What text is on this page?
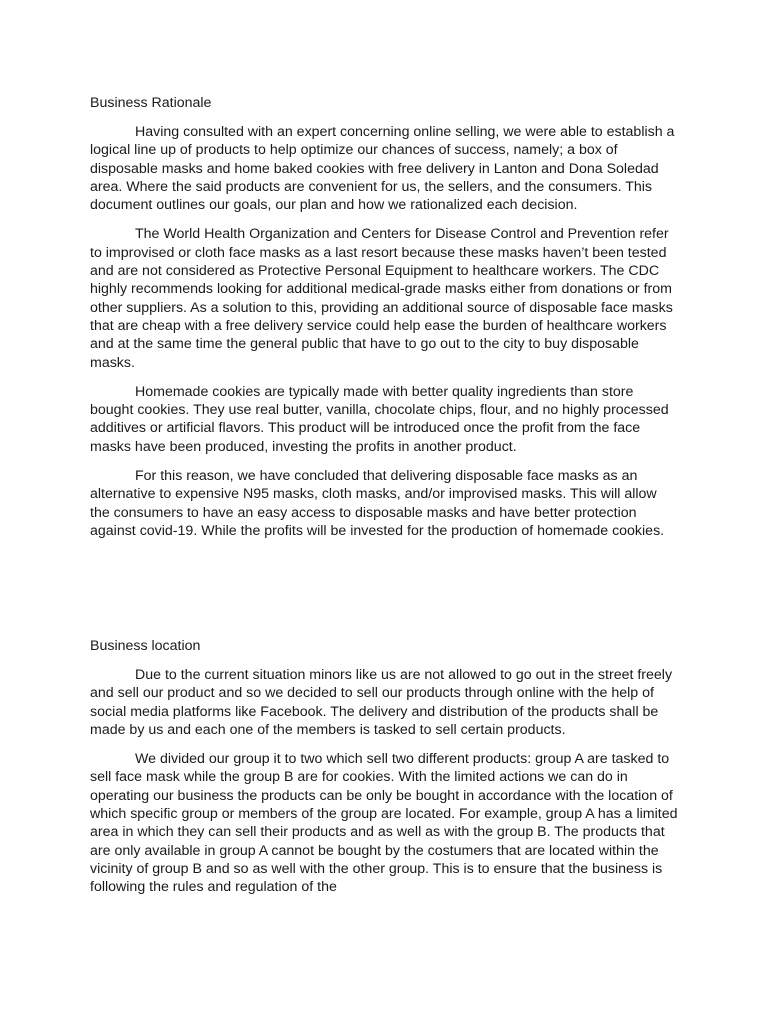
Business Rationale

Having consulted with an expert concerning online selling, we were able to establish a logical line up of products to help optimize our chances of success, namely; a box of disposable masks and home baked cookies with free delivery in Lanton and Dona Soledad area. Where the said products are convenient for us, the sellers, and the consumers. This document outlines our goals, our plan and how we rationalized each decision.

The World Health Organization and Centers for Disease Control and Prevention refer to improvised or cloth face masks as a last resort because these masks haven’t been tested and are not considered as Protective Personal Equipment to healthcare workers. The CDC highly recommends looking for additional medical-grade masks either from donations or from other suppliers. As a solution to this, providing an additional source of disposable face masks that are cheap with a free delivery service could help ease the burden of healthcare workers and at the same time the general public that have to go out to the city to buy disposable masks.

Homemade cookies are typically made with better quality ingredients than store bought cookies. They use real butter, vanilla, chocolate chips, flour, and no highly processed additives or artificial flavors. This product will be introduced once the profit from the face masks have been produced, investing the profits in another product.

For this reason, we have concluded that delivering disposable face masks as an alternative to expensive N95 masks, cloth masks, and/or improvised masks. This will allow the consumers to have an easy access to disposable masks and have better protection against covid-19. While the profits will be invested for the production of homemade cookies.

Business location

Due to the current situation minors like us are not allowed to go out in the street freely and sell our product and so we decided to sell our products through online with the help of social media platforms like Facebook. The delivery and distribution of the products shall be made by us and each one of the members is tasked to sell certain products.

We divided our group it to two which sell two different products: group A are tasked to sell face mask while the group B are for cookies. With the limited actions we can do in operating our business the products can be only be bought in accordance with the location of which specific group or members of the group are located. For example, group A has a limited area in which they can sell their products and as well as with the group B. The products that are only available in group A cannot be bought by the costumers that are located within the vicinity of group B and so as well with the other group. This is to ensure that the business is following the rules and regulation of the
